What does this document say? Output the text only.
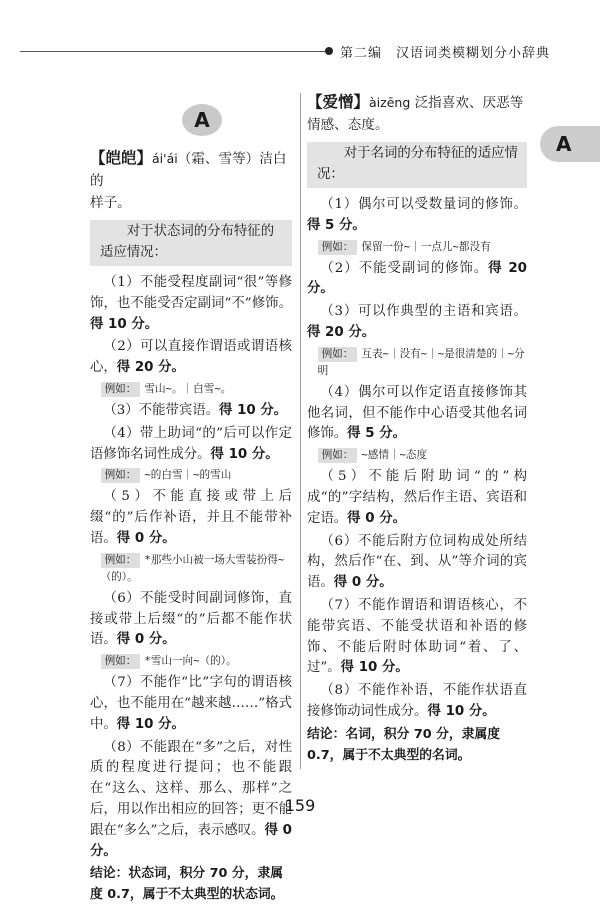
第二编　汉语词类模糊划分小辞典
A
A

【皑皑】ái'ái（霜、雪等）洁白的
样子。

对于状态词的分布特征的适应情况：

（1）不能受程度副词“很”等修饰，也不能受否定副词“不”修饰。得 10 分。

（2）可以直接作谓语或谓语核心，得 20 分。

例如： 雪山~。｜白雪~。

（3）不能带宾语。得 10 分。

（4）带上助词“的”后可以作定语修饰名词性成分。得 10 分。

例如： ~的白雪｜~的雪山

（5）不能直接或带上后缀“的”后作补语，并且不能带补语。得 0 分。

例如： *那些小山被一场大雪装扮得~（的）。

（6）不能受时间副词修饰，直接或带上后缀“的”后都不能作状语。得 0 分。

例如： *雪山一向~（的）。

（7）不能作“比”字句的谓语核心，也不能用在“越来越……”格式中。得 10 分。

（8）不能跟在“多”之后，对性质的程度进行提问；也不能跟在“这么、这样、那么、那样”之后，用以作出相应的回答；更不能跟在“多么”之后，表示感叹。得 0 分。

结论：状态词，积分 70 分，隶属度 0.7，属于不太典型的状态词。

【爱憎】àizēng 泛指喜欢、厌恶等情感、态度。

对于名词的分布特征的适应情况：

（1）偶尔可以受数量词的修饰。得 5 分。

例如： 保留一份~｜一点儿~都没有

（2）不能受副词的修饰。得 20 分。

（3）可以作典型的主语和宾语。得 20 分。

例如： 互表~｜没有~｜~是很清楚的｜~分明

（4）偶尔可以作定语直接修饰其他名词，但不能作中心语受其他名词修饰。得 5 分。

例如： ~感情｜~态度

（5）不能后附助词“的”构成“的”字结构，然后作主语、宾语和定语。得 0 分。

（6）不能后附方位词构成处所结构，然后作“在、到、从”等介词的宾语。得 0 分。

（7）不能作谓语和谓语核心，不能带宾语、不能受状语和补语的修饰、不能后附时体助词“着、了、过”。得 10 分。

（8）不能作补语，不能作状语直接修饰动词性成分。得 10 分。

结论：名词，积分 70 分，隶属度 0.7，属于不太典型的名词。

159
